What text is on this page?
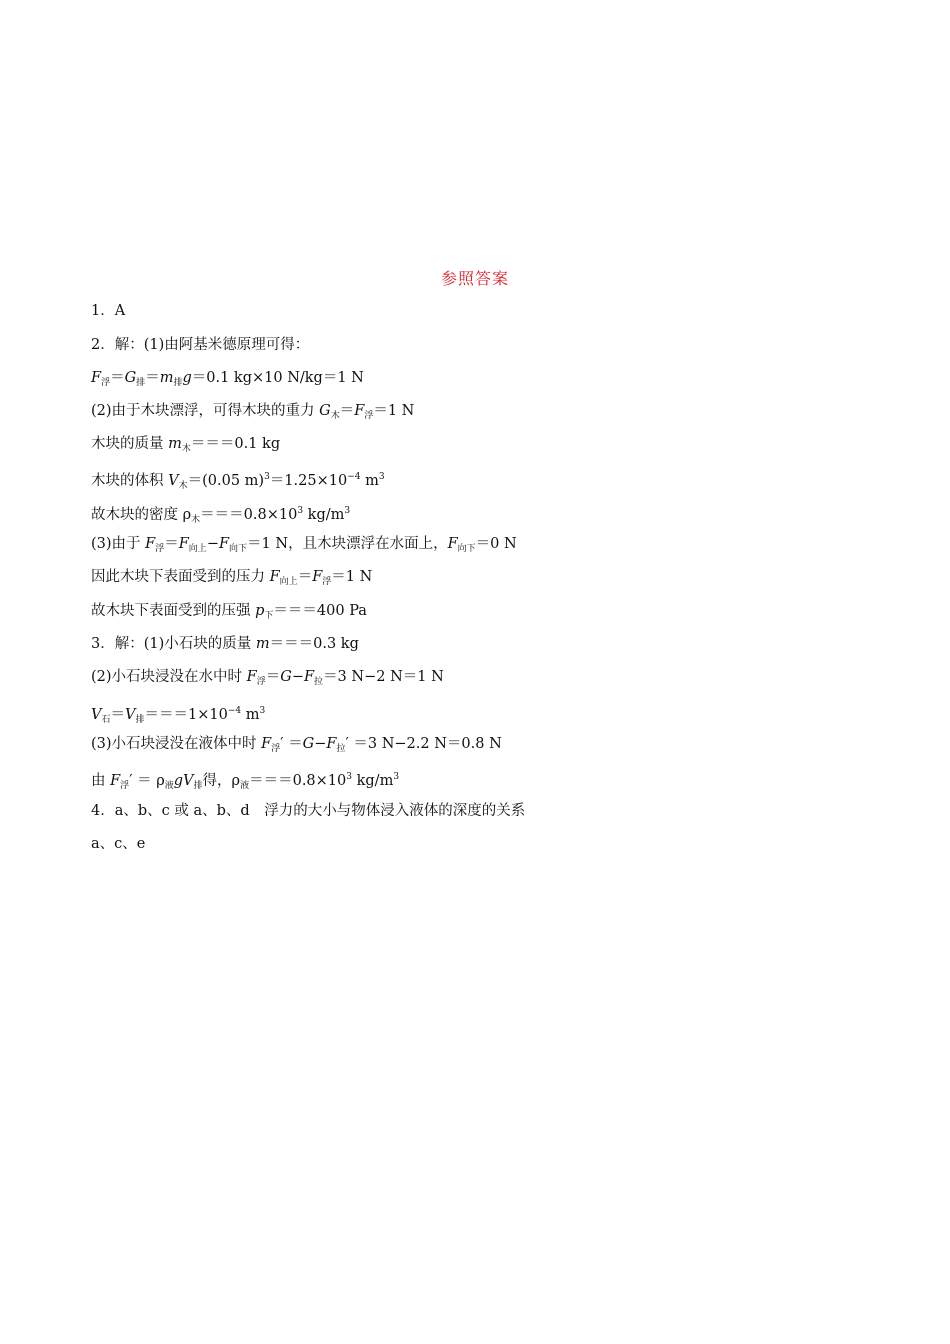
参照答案
1．A
2．解：(1)由阿基米德原理可得：
$F_浮=G_排=m_排g=0.1$ kg×10 N/kg＝1 N
(2)由于木块漂浮，可得木块的重力 $G_木=F_浮=1$ N
木块的质量 $m_木===0.1$ kg
木块的体积 $V_木=(0.05$ $m)^3=1.25\times 10^{-4}$ $m^3$
故木块的密度 $\rho_木===0.8\times 10^3$ $kg/m^3$
(3)由于 $F_浮=F_{向上}-F_{向下}=1$ N，且木块漂浮在水面上，$F_{向下}=0$ N
因此木块下表面受到的压力 $F_{向上}=F_浮=1$ N
故木块下表面受到的压强 $p_下===400$ Pa
3．解：(1)小石块的质量 m＝＝＝0.3 kg
(2)小石块浸没在水中时 $F_浮=G-F_拉=3$ N−2 N＝1 N
$V_石=V_排===1\times 10^{-4}$ $m^3$
(3)小石块浸没在液体中时 $F_浮' =G-F_拉' =3$ N−2.2 N＝0.8 N
由 $F_浮' = \rho_液gV_排$得，$\rho_液===0.8\times 10^3$ $kg/m^3$
4．a、b、c 或 a、b、d　浮力的大小与物体浸入液体的深度的关系
a、c、e
